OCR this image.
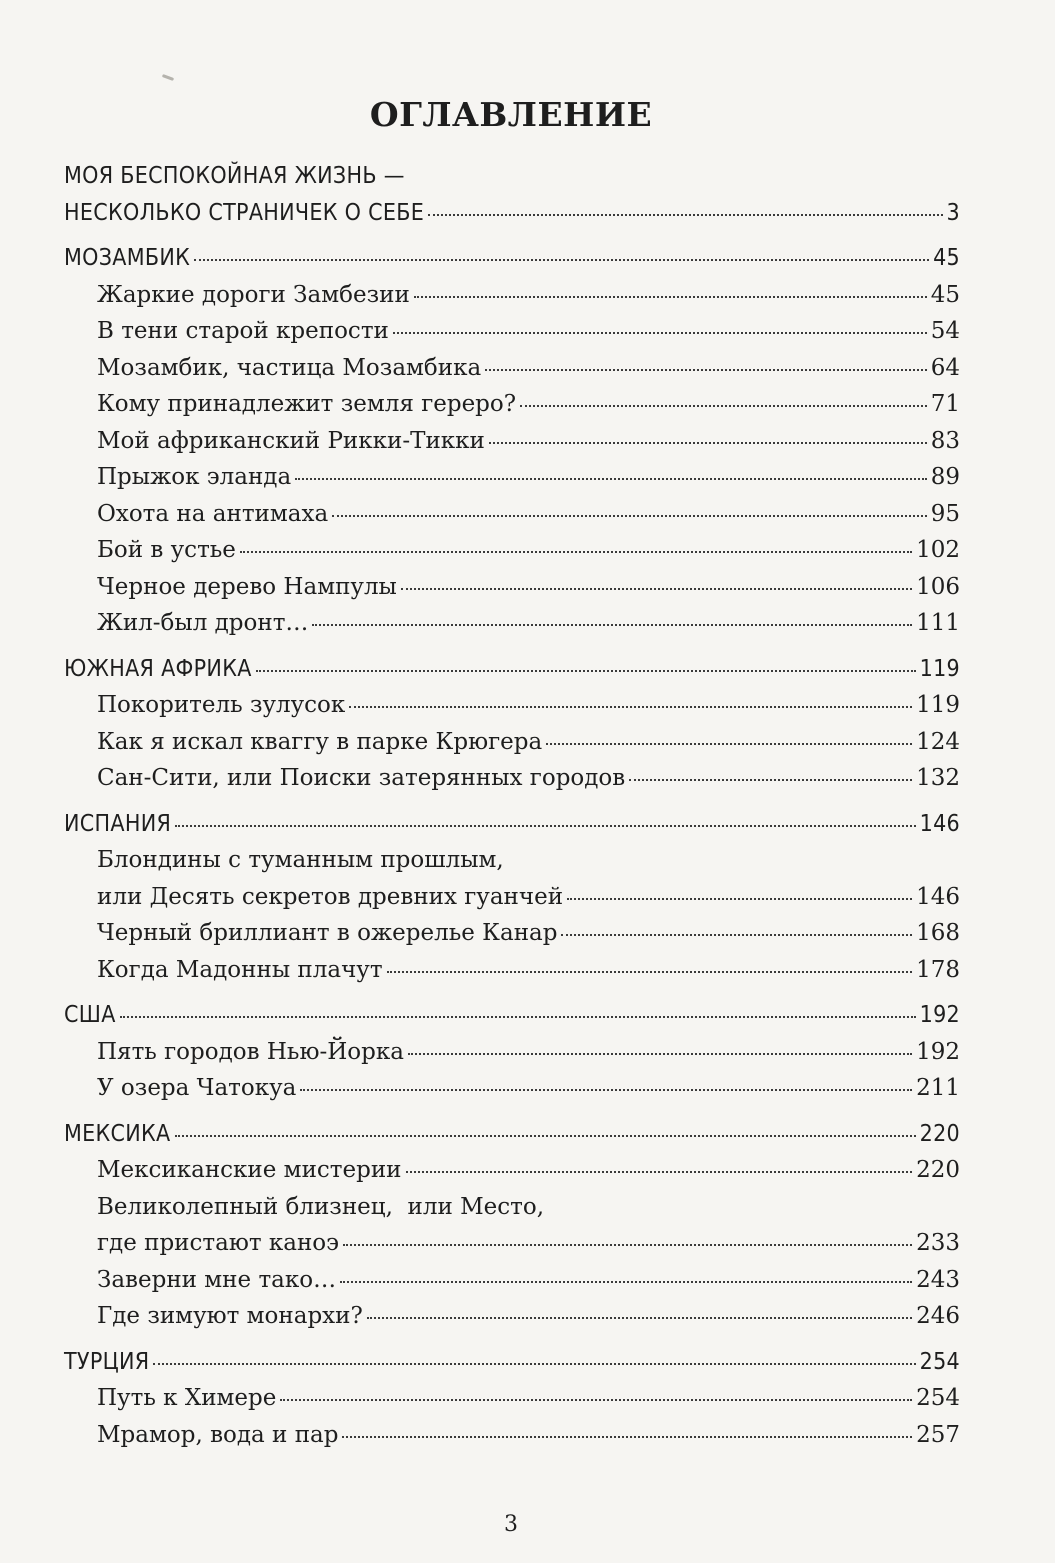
ОГЛАВЛЕНИЕ
МОЯ БЕСПОКОЙНАЯ ЖИЗНЬ —
НЕСКОЛЬКО СТРАНИЧЕК О СЕБЕ	3
МОЗАМБИК	45
Жаркие дороги Замбезии	45
В тени старой крепости	54
Мозамбик, частица Мозамбика	64
Кому принадлежит земля гереро?	71
Мой африканский Рикки-Тикки	83
Прыжок эланда	89
Охота на антимаха	95
Бой в устье	102
Черное дерево Нампулы	106
Жил-был дронт…	111
ЮЖНАЯ АФРИКА	119
Покоритель зулусок	119
Как я искал квaггу в парке Крюгера	124
Сан-Сити, или Поиски затерянных городов	132
ИСПАНИЯ	146
Блондины с туманным прошлым,
или Десять секретов древних гуанчей	146
Черный бриллиант в ожерелье Канар	168
Когда Мадонны плачут	178
США	192
Пять городов Нью-Йорка	192
У озера Чатокуа	211
МЕКСИКА	220
Мексиканские мистерии	220
Великолепный близнец,  или Место,
где пристают каноэ	233
Заверни мне тако…	243
Где зимуют монархи?	246
ТУРЦИЯ	254
Путь к Химере	254
Мрамор, вода и пар	257
3
